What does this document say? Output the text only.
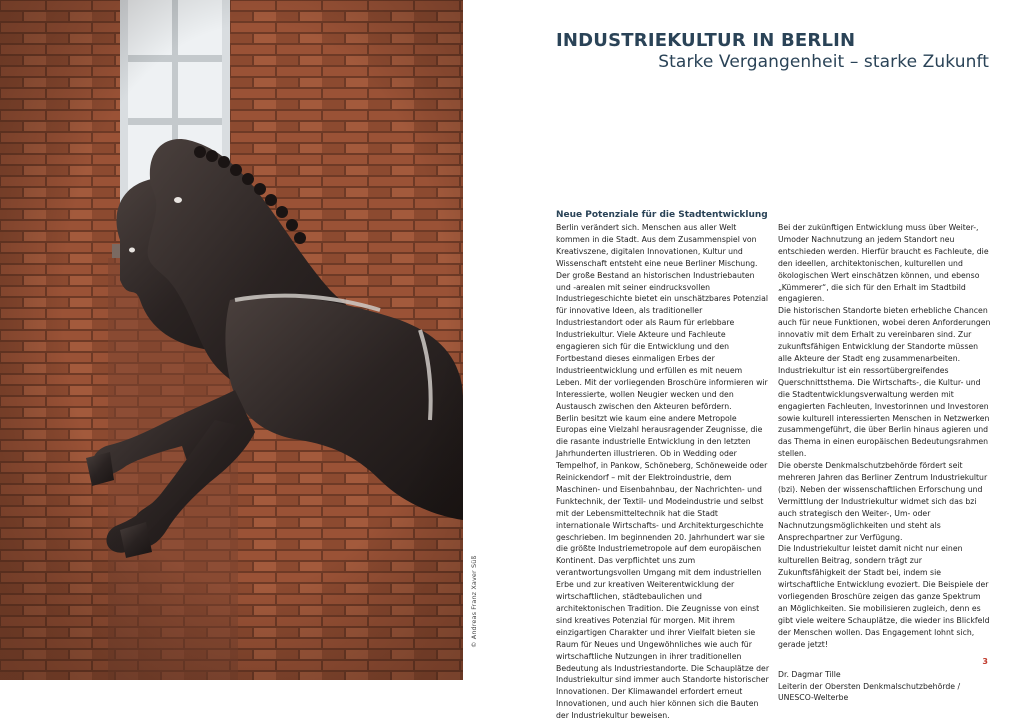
© Andreas Franz Xaver Süß
INDUSTRIEKULTUR IN BERLIN
Starke Vergangenheit – starke Zukunft

Neue Potenziale für die Stadtentwicklung

Berlin verändert sich. Menschen aus aller Welt kommen in die Stadt. Aus dem Zusammenspiel von Kreativszene, digitalen Innovationen, Kultur und Wissenschaft entsteht eine neue Berliner Mischung. Der große Bestand an historischen Industriebauten und -arealen mit seiner eindrucksvollen Industriegeschichte bietet ein unschätzbares Potenzial für innovative Ideen, als traditioneller Industriestandort oder als Raum für erlebbare Industriekultur. Viele Akteure und Fachleute engagieren sich für die Entwicklung und den Fortbestand dieses einmaligen Erbes der Industrieentwicklung und erfüllen es mit neuem Leben. Mit der vorliegenden Broschüre informieren wir Interessierte, wollen Neugier wecken und den Austausch zwischen den Akteuren befördern.

Berlin besitzt wie kaum eine andere Metropole Europas eine Vielzahl herausragender Zeugnisse, die die rasante industrielle Entwicklung in den letzten Jahrhunderten illustrieren. Ob in Wedding oder Tempelhof, in Pankow, Schöneberg, Schöneweide oder Reinickendorf – mit der Elektroindustrie, dem Maschinen- und Eisenbahnbau, der Nachrichten- und Funktechnik, der Textil- und Modeindustrie und selbst mit der Lebensmitteltechnik hat die Stadt internationale Wirtschafts- und Architekturgeschichte geschrieben. Im beginnenden 20. Jahrhundert war sie die größte Industriemetropole auf dem europäischen Kontinent. Das verpflichtet uns zum verantwortungsvollen Umgang mit dem industriellen Erbe und zur kreativen Weiterentwicklung der wirtschaftlichen, städtebaulichen und architektonischen Tradition. Die Zeugnisse von einst sind kreatives Potenzial für morgen. Mit ihrem einzigartigen Charakter und ihrer Vielfalt bieten sie Raum für Neues und Ungewöhnliches wie auch für wirtschaftliche Nutzungen in ihrer traditionellen Bedeutung als Industriestandorte. Die Schauplätze der Industriekultur sind immer auch Standorte historischer Innovationen. Der Klimawandel erfordert erneut Innovationen, und auch hier können sich die Bauten der Industriekultur beweisen.

Bei der zukünftigen Entwicklung muss über Weiter-, Umoder Nachnutzung an jedem Standort neu entschieden werden. Hierfür braucht es Fachleute, die den ideellen, architektonischen, kulturellen und ökologischen Wert einschätzen können, und ebenso „Kümmerer“, die sich für den Erhalt im Stadtbild engagieren.

Die historischen Standorte bieten erhebliche Chancen auch für neue Funktionen, wobei deren Anforderungen innovativ mit dem Erhalt zu vereinbaren sind. Zur zukunftsfähigen Entwicklung der Standorte müssen alle Akteure der Stadt eng zusammenarbeiten. Industriekultur ist ein ressortübergreifendes Querschnittsthema. Die Wirtschafts-, die Kultur- und die Stadtentwicklungsverwaltung werden mit engagierten Fachleuten, Investorinnen und Investoren sowie kulturell interessierten Menschen in Netzwerken zusammengeführt, die über Berlin hinaus agieren und das Thema in einen europäischen Bedeutungsrahmen stellen.

Die oberste Denkmalschutzbehörde fördert seit mehreren Jahren das Berliner Zentrum Industriekultur (bzi). Neben der wissenschaftlichen Erforschung und Vermittlung der Industriekultur widmet sich das bzi auch strategisch den Weiter-, Um- oder Nachnutzungsmöglichkeiten und steht als Ansprechpartner zur Verfügung.

Die Industriekultur leistet damit nicht nur einen kulturellen Beitrag, sondern trägt zur Zukunftsfähigkeit der Stadt bei, indem sie wirtschaftliche Entwicklung evoziert. Die Beispiele der vorliegenden Broschüre zeigen das ganze Spektrum an Möglichkeiten. Sie mobilisieren zugleich, denn es gibt viele weitere Schauplätze, die wieder ins Blickfeld der Menschen wollen. Das Engagement lohnt sich, gerade jetzt!

Dr. Dagmar Tille

Leiterin der Obersten Denkmalschutzbehörde / UNESCO-Welterbe

3
